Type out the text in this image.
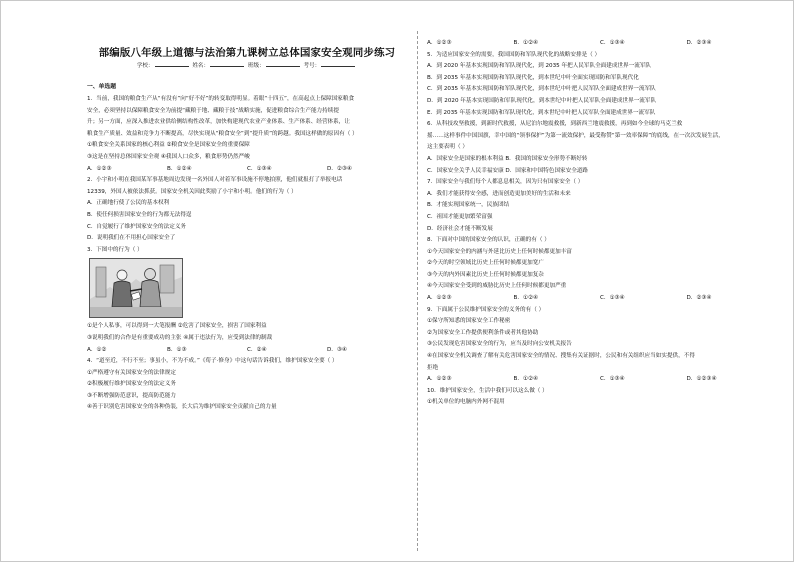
部编版八年级上道德与法治第九课树立总体国家安全观同步练习
学校：	姓名：	班级：	考号：
一、单选题
1．当前，我国的粮食生产从“有没有”向“好不好”的转变取得明显。着眼“十四五”，在高起点上保障国家粮食
安全，必须坚持以保障粮食安全为前提“藏粮于地、藏粮于技”战略实施，促进粮食综合生产能力持续提
升；另一方面，应深入推进农业供给侧结构性改革，加快构建现代农业产业体系、生产体系、经营体系，让
粮食生产质量、效益和竞争力不断提高，尽快实现从“粮食安全”到“提升质”的跨越。我国这样做的原因有（ ）
①粮食安全关系国家的核心利益 ②粮食安全是国家安全的重要保障
③这是在坚持总体国家安全观 ④我国人口众多，粮食形势仍然严峻
A．①②③	B．①②④	C．①③④	D．②③④
2．小宇和小明在我国某军事基地周边发现一名外国人对着军事设施不停地拍照，他们就报打了举报电话
12339，外国人被依法抓获。国家安全机关因此奖励了小宇和小明。他们的行为（ ）
A．正确地行使了公民的基本权利
B．使任何损害国家安全的行为都无法得逞
C．自觉履行了维护国家安全的法定义务
D．说明我们在不用担心国家安全了
3．下图中的行为（ ）
①是个人私事，可以得到一大笔报酬 ②危害了国家安全，损害了国家利益
③说明我们的合作是有重要成功的主张 ④属于违法行为，应受到法律的制裁
A．①②	B．①③	C．②④	D．③④
4．“道至近，不行不至；事虽小，不为不成。”《荀子·修身》中这句话告诉我们，维护国家安全要（ ）
①严格遵守有关国家安全的法律规定
②积极履行维护国家安全的法定义务
③不断增强防范意识，提高防范能力
④善于识别危害国家安全的各种伪装，长大后为维护国家安全贡献自己的力量
A．①②③	B．①②④	C．①③④	D．②③④
5．为适应国家安全的需要，我国国防和军队现代化的战略安排是（ ）
A．到 2020 年基本实现国防和军队现代化，到 2035 年把人民军队全面建成世界一流军队
B．到 2035 年基本实现国防和军队现代化，到本世纪中叶全面实现国防和军队现代化
C．到 2035 年基本实现国防和军队现代化，到本世纪中叶把人民军队全面建成世界一流军队
D．到 2020 年基本实现国防和军队现代化，到本世纪中叶把人民军队全面建成世界一流军队
E．到 2035 年基本实现国防和军队现代化，到本世纪中叶把人民军队全面建成世界一流军队
6．从科技攻坚救援，到新时代救援，从尼泊尔地震救援，到新西兰地震救援，再到如今全球的马克兰救
摇……这样事件中国国旗，幸中国的“领事保护”为第一流效保护，最受称赞“第一效率保障”的底线，在一次次发展生活，
这主要表明（ ）
A．国家安全是国家的根本利益 B．我国的国家安全形势不断好转
C．国家安全关乎人民幸福安康 D．国家和中国特色国家安全道路
7．国家安全与我们每个人都息息相关，因为只有国家安全（ ）
A．我们才能获得安全感，进而创造更加美好的生活和未来
B．才能实现国家统一，民族团结
C．祖国才能更加繁荣富强
D．经济社会才能不断发展
8．下面对中国的国家安全的认识，正确的有（ ）
①今天国家安全的内涵与外延比历史上任何时候都更加丰富
②今天的时空领域比历史上任何时候都更加宽广
③今天的内外因素比历史上任何时候都更加复杂
④今天国家安全受到的威胁比历史上任何时候都更加严重
A．①②③	B．①②④	C．①③④	D．②③④
9．下面属于公民维护国家安全的义务的有（ ）
①保守所知悉的国家安全工作秘密
②为国家安全工作提供便利条件或者其他协助
③公民发现危害国家安全的行为，应当及时向公安机关报告
④在国家安全机关调查了解有关危害国家安全的情况、搜集有关证据时，公民和有关组织应当如实提供，不得
拒绝
A．①②③	B．①②④	C．①③④	D．①②③④
10．维护国家安全，生活中我们可以这么做（ ）
①机关单位的电脑内外网不混用
